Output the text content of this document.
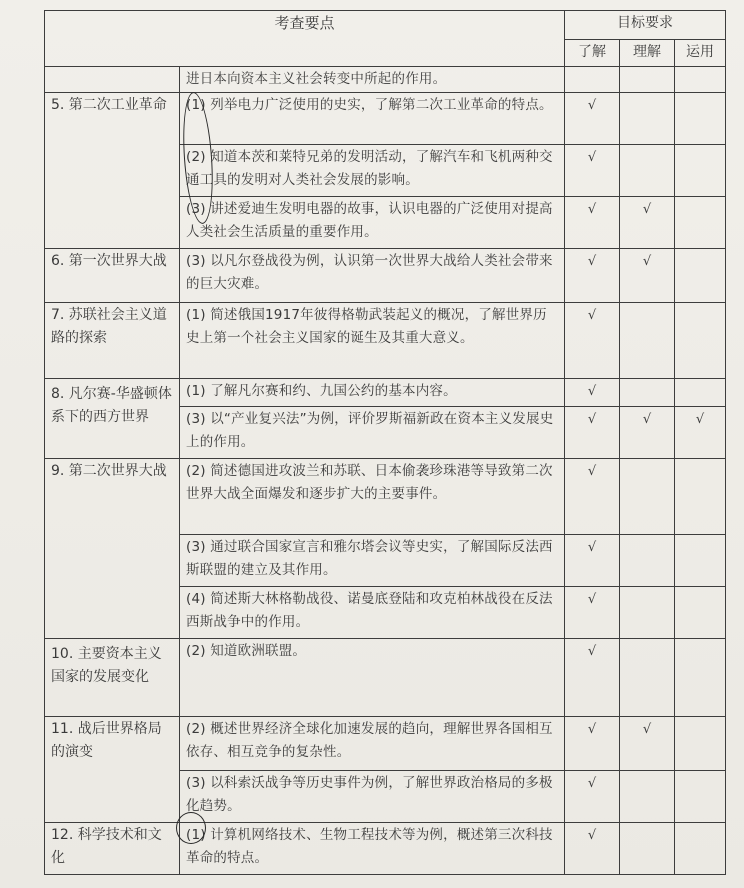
考查要点		目标要求		
		了解	理解	运用
	进日本向资本主义社会转变中所起的作用。			
5. 第二次工业革命	(1) 列举电力广泛使用的史实，了解第二次工业革命的特点。	√		
	(2) 知道本茨和莱特兄弟的发明活动，了解汽车和飞机两种交通工具的发明对人类社会发展的影响。	√		
	(3) 讲述爱迪生发明电器的故事，认识电器的广泛使用对提高人类社会生活质量的重要作用。	√	√	
6. 第一次世界大战	(3) 以凡尔登战役为例，认识第一次世界大战给人类社会带来的巨大灾难。	√	√	
7. 苏联社会主义道路的探索	(1) 简述俄国1917年彼得格勒武装起义的概况，了解世界历史上第一个社会主义国家的诞生及其重大意义。	√		
8. 凡尔赛-华盛顿体系下的西方世界	(1) 了解凡尔赛和约、九国公约的基本内容。	√		
	(3) 以“产业复兴法”为例，评价罗斯福新政在资本主义发展史上的作用。	√	√	√
9. 第二次世界大战	(2) 简述德国进攻波兰和苏联、日本偷袭珍珠港等导致第二次世界大战全面爆发和逐步扩大的主要事件。	√		
	(3) 通过联合国家宣言和雅尔塔会议等史实，了解国际反法西斯联盟的建立及其作用。	√		
	(4) 简述斯大林格勒战役、诺曼底登陆和攻克柏林战役在反法西斯战争中的作用。	√		
10. 主要资本主义国家的发展变化	(2) 知道欧洲联盟。	√		
11. 战后世界格局的演变	(2) 概述世界经济全球化加速发展的趋向，理解世界各国相互依存、相互竞争的复杂性。	√	√	
	(3) 以科索沃战争等历史事件为例，了解世界政治格局的多极化趋势。	√		
12. 科学技术和文化	(1) 计算机网络技术、生物工程技术等为例，概述第三次科技革命的特点。	√		
